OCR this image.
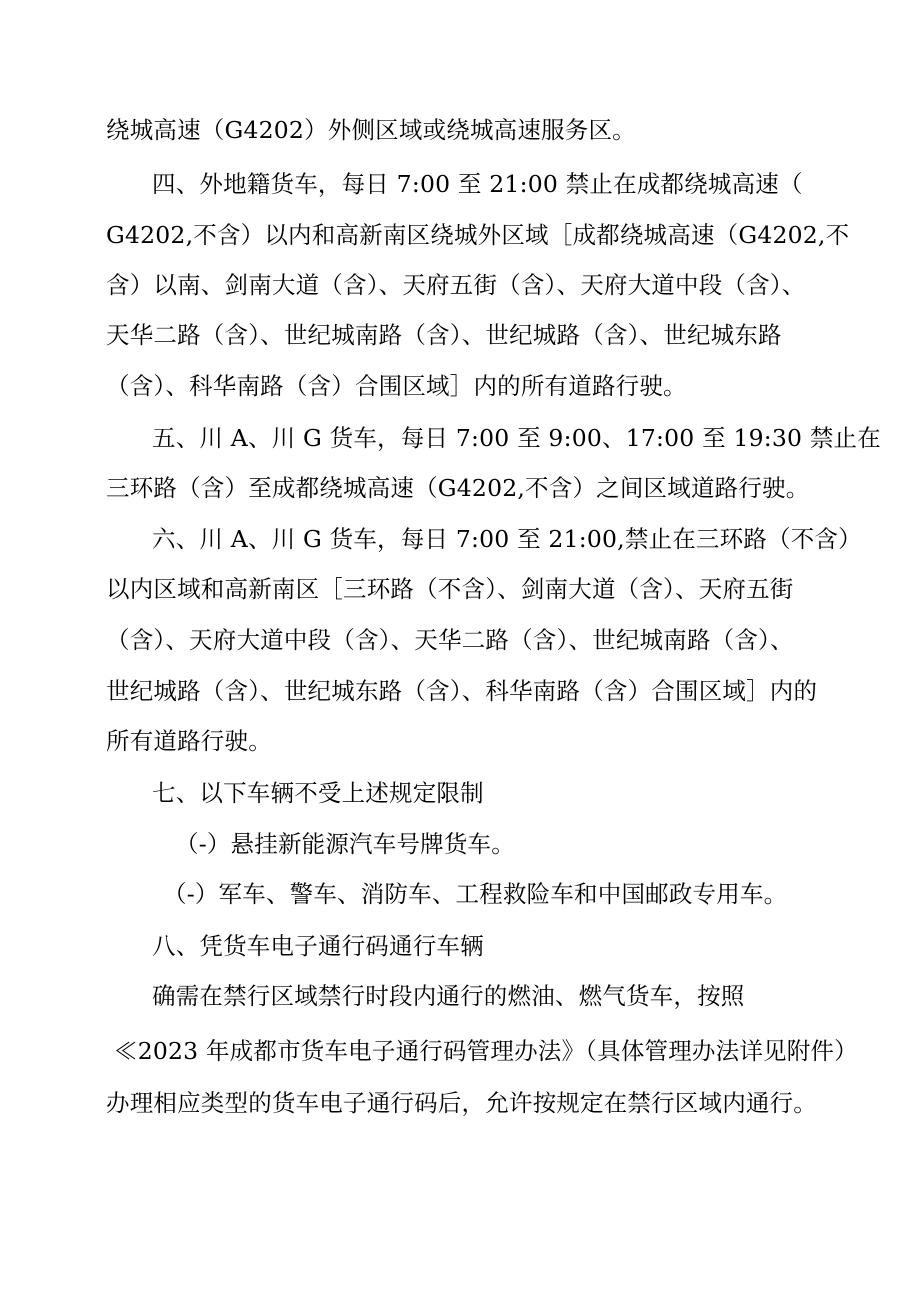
绕城高速（G4202）外侧区域或绕城高速服务区。
四、外地籍货车，每日 7:00 至 21:00 禁止在成都绕城高速（
G4202,不含）以内和高新南区绕城外区域［成都绕城高速（G4202,不
含）以南、剑南大道（含）、天府五街（含）、天府大道中段（含）、
天华二路（含）、世纪城南路（含）、世纪城路（含）、世纪城东路
（含）、科华南路（含）合围区域］内的所有道路行驶。
五、川 A、川 G 货车，每日 7:00 至 9:00、17:00 至 19:30 禁止在
三环路（含）至成都绕城高速（G4202,不含）之间区域道路行驶。
六、川 A、川 G 货车，每日 7:00 至 21:00,禁止在三环路（不含）
以内区域和高新南区［三环路（不含）、剑南大道（含）、天府五街
（含）、天府大道中段（含）、天华二路（含）、世纪城南路（含）、
世纪城路（含）、世纪城东路（含）、科华南路（含）合围区域］内的
所有道路行驶。
七、以下车辆不受上述规定限制
（-）悬挂新能源汽车号牌货车。
（-）军车、警车、消防车、工程救险车和中国邮政专用车。
八、凭货车电子通行码通行车辆
确需在禁行区域禁行时段内通行的燃油、燃气货车，按照
≪2023 年成都市货车电子通行码管理办法》（具体管理办法详见附件）
办理相应类型的货车电子通行码后，允许按规定在禁行区域内通行。
